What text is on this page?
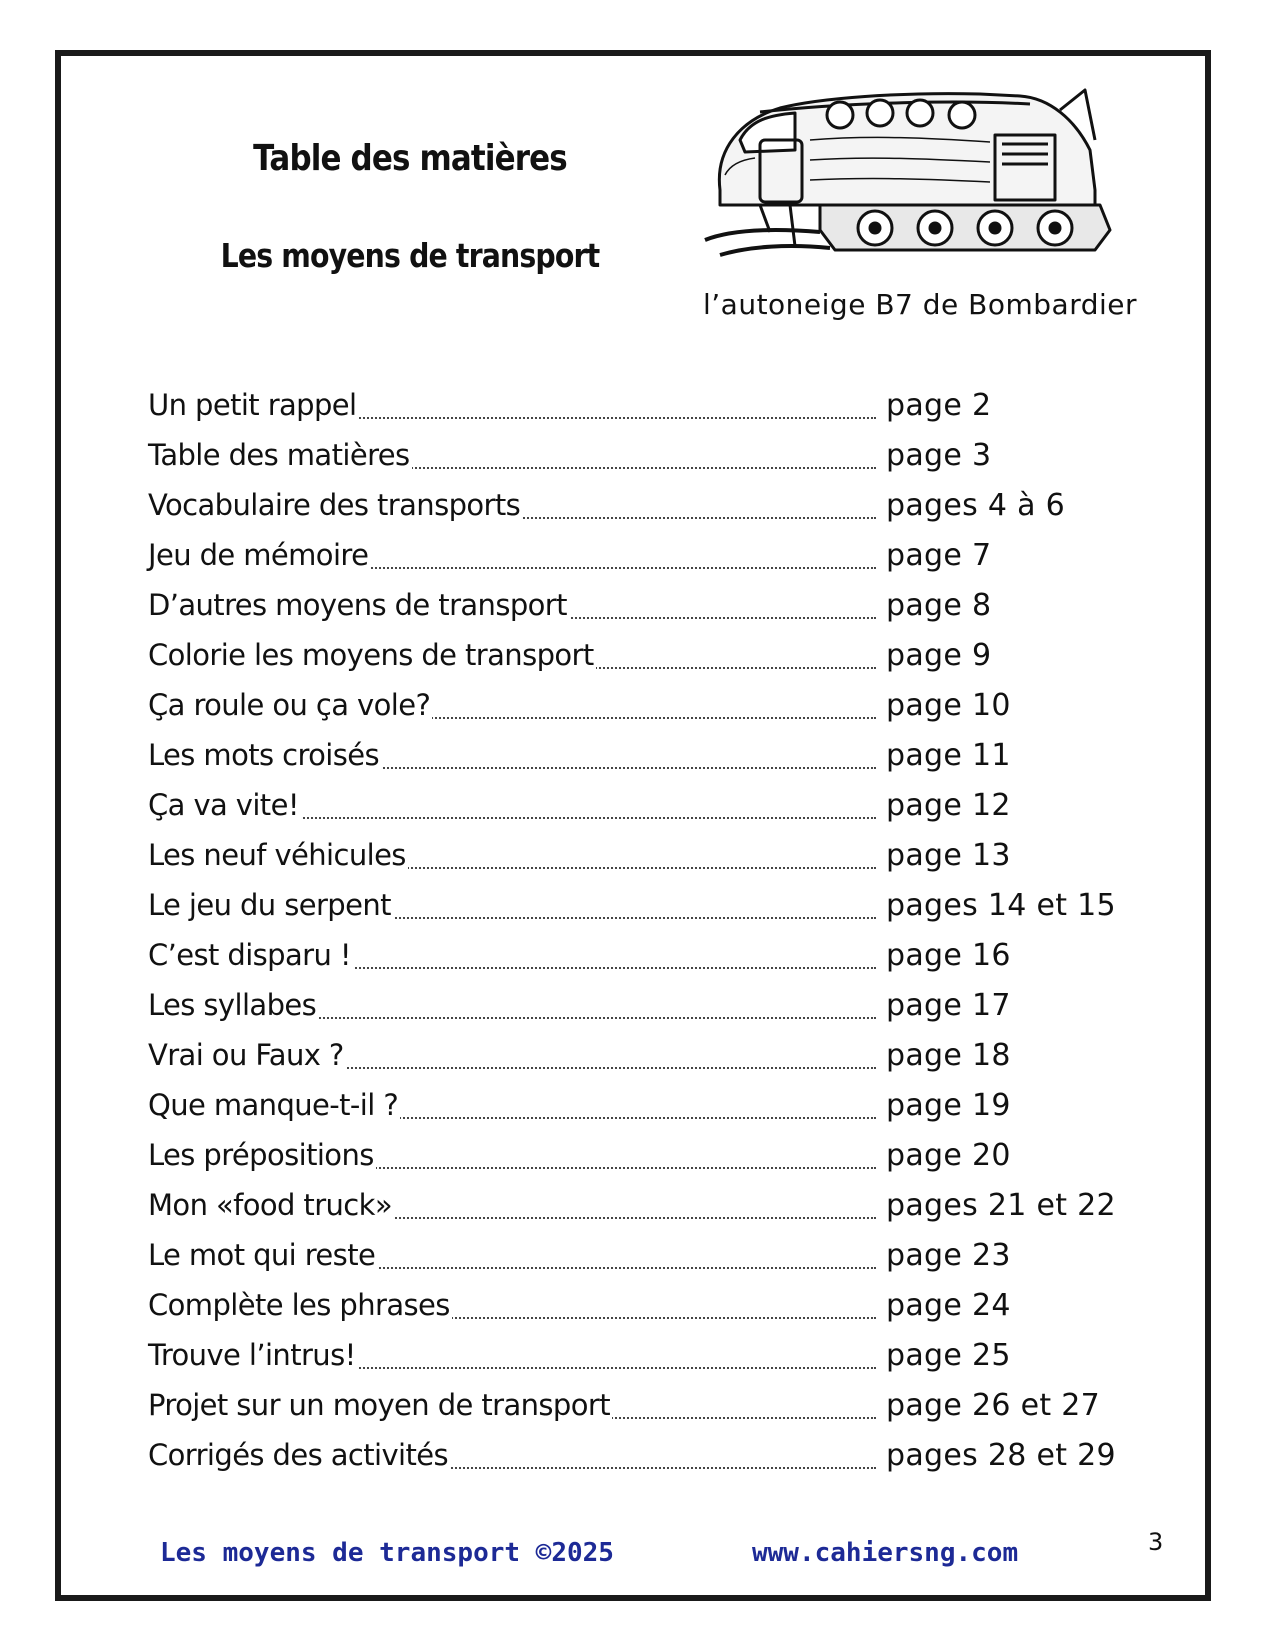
Table des matières
Les moyens de transport
l’autoneige B7 de Bombardier
Un petit rappel	page 2
Table des matières	page 3
Vocabulaire des transports	pages 4 à 6
Jeu de mémoire	page 7
D’autres moyens de transport	page 8
Colorie les moyens de transport	page 9
Ça roule ou ça vole?	page 10
Les mots croisés	page 11
Ça va vite!	page 12
Les neuf véhicules	page 13
Le jeu du serpent	pages 14 et 15
C’est disparu !	page 16
Les syllabes	page 17
Vrai ou Faux ?	page 18
Que manque-t-il ?	page 19
Les prépositions	page 20
Mon «food truck»	pages 21 et 22
Le mot qui reste	page 23
Complète les phrases	page 24
Trouve l’intrus!	page 25
Projet sur un moyen de transport	page 26 et 27
Corrigés des activités	pages 28 et 29
Les moyens de transport ©2025	www.cahiersng.com	3
